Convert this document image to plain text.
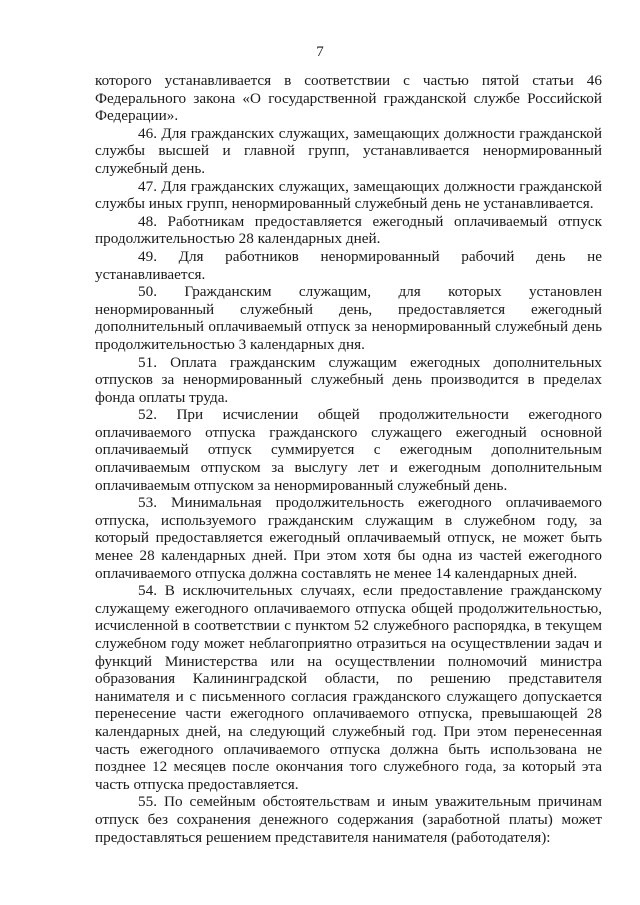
7

которого устанавливается в соответствии с частью пятой статьи 46 Федерального закона «О государственной гражданской службе Российской Федерации».

46. Для гражданских служащих, замещающих должности гражданской службы высшей и главной групп, устанавливается ненормированный служебный день.

47. Для гражданских служащих, замещающих должности гражданской службы иных групп, ненормированный служебный день не устанавливается.

48. Работникам предоставляется ежегодный оплачиваемый отпуск продолжительностью 28 календарных дней.

49. Для работников ненормированный рабочий день не устанавливается.

50. Гражданским служащим, для которых установлен ненормированный служебный день, предоставляется ежегодный дополнительный оплачиваемый отпуск за ненормированный служебный день продолжительностью 3 календарных дня.

51. Оплата гражданским служащим ежегодных дополнительных отпусков за ненормированный служебный день производится в пределах фонда оплаты труда.

52. При исчислении общей продолжительности ежегодного оплачиваемого отпуска гражданского служащего ежегодный основной оплачиваемый отпуск суммируется с ежегодным дополнительным оплачиваемым отпуском за выслугу лет и ежегодным дополнительным оплачиваемым отпуском за ненормированный служебный день.

53. Минимальная продолжительность ежегодного оплачиваемого отпуска, используемого гражданским служащим в служебном году, за который предоставляется ежегодный оплачиваемый отпуск, не может быть менее 28 календарных дней. При этом хотя бы одна из частей ежегодного оплачиваемого отпуска должна составлять не менее 14 календарных дней.

54. В исключительных случаях, если предоставление гражданскому служащему ежегодного оплачиваемого отпуска общей продолжительностью, исчисленной в соответствии с пунктом 52 служебного распорядка, в текущем служебном году может неблагоприятно отразиться на осуществлении задач и функций Министерства или на осуществлении полномочий министра образования Калининградской области, по решению представителя нанимателя и с письменного согласия гражданского служащего допускается перенесение части ежегодного оплачиваемого отпуска, превышающей 28 календарных дней, на следующий служебный год. При этом перенесенная часть ежегодного оплачиваемого отпуска должна быть использована не позднее 12 месяцев после окончания того служебного года, за который эта часть отпуска предоставляется.

55. По семейным обстоятельствам и иным уважительным причинам отпуск без сохранения денежного содержания (заработной платы) может предоставляться решением представителя нанимателя (работодателя):
